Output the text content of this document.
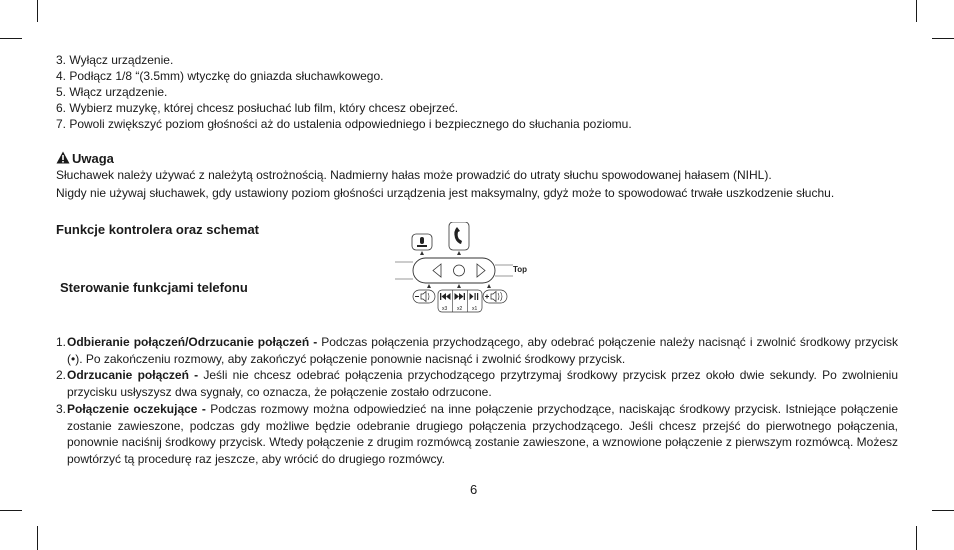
3. Wyłącz urządzenie.
4. Podłącz 1/8 “(3.5mm) wtyczkę do gniazda słuchawkowego.
5. Włącz urządzenie.
6. Wybierz muzykę, której chcesz posłuchać lub film, który chcesz obejrzeć.
7. Powoli zwiększyć poziom głośności aż do ustalenia odpowiedniego i bezpiecznego do słuchania poziomu.
Uwaga
Słuchawek należy używać z należytą ostrożnością. Nadmierny hałas może prowadzić do utraty słuchu spowodowanej hałasem (NIHL).
Nigdy nie używaj słuchawek, gdy ustawiony poziom głośności urządzenia jest maksymalny, gdyż może to spowodować trwałe uszkodzenie słuchu.
Funkcje kontrolera oraz schemat
Sterowanie funkcjami telefonu
Top
x3 x2 x1
1. Odbieranie połączeń/Odrzucanie połączeń - Podczas połączenia przychodzącego, aby odebrać połączenie należy nacisnąć i zwolnić środkowy przycisk (•). Po zakończeniu rozmowy, aby zakończyć połączenie ponownie nacisnąć i zwolnić środkowy przycisk.
2. Odrzucanie połączeń - Jeśli nie chcesz odebrać połączenia przychodzącego przytrzymaj środkowy przycisk przez około dwie sekundy. Po zwolnieniu przycisku usłyszysz dwa sygnały, co oznacza, że połączenie zostało odrzucone.
3. Połączenie oczekujące - Podczas rozmowy można odpowiedzieć na inne połączenie przychodzące, naciskając środkowy przycisk. Istniejące połączenie zostanie zawieszone, podczas gdy możliwe będzie odebranie drugiego połączenia przychodzącego. Jeśli chcesz przejść do pierwotnego połączenia, ponownie naciśnij środkowy przycisk. Wtedy połączenie z drugim rozmówcą zostanie zawieszone, a wznowione połączenie z pierwszym rozmówcą. Możesz powtórzyć tą procedurę raz jeszcze, aby wrócić do drugiego rozmówcy.
6
